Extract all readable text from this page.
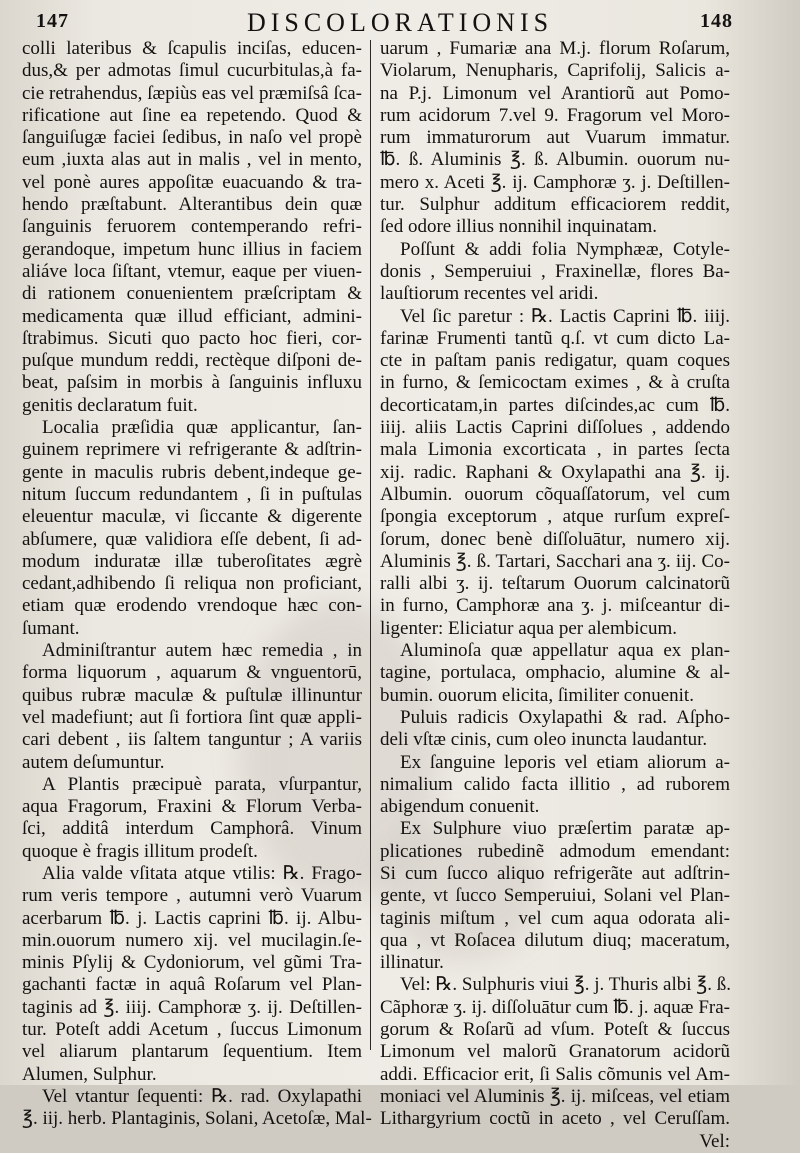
147	DISCOLORATIONIS	148
colli lateribus & ſcapulis inciſas, educen-
dus,& per admotas ſimul cucurbitulas,à fa-
cie retrahendus, ſæpiùs eas vel præmiſsâ ſca-
rificatione aut ſine ea repetendo. Quod &
ſanguiſugæ faciei ſedibus, in naſo vel propè
eum ,iuxta alas aut in malis , vel in mento,
vel ponè aures appoſitæ euacuando & tra-
hendo præſtabunt. Alterantibus dein quæ
ſanguinis feruorem contemperando refri-
gerandoque, impetum hunc illius in faciem
aliáve loca ſiſtant, vtemur, eaque per viuen-
di rationem conuenientem præſcriptam &
medicamenta quæ illud efficiant, admini-
ſtrabimus. Sicuti quo pacto hoc fieri, cor-
puſque mundum reddi, rectèque diſponi de-
beat, paſsim in morbis à ſanguinis influxu
genitis declaratum fuit.
Localia præſidia quæ applicantur, ſan-
guinem reprimere vi refrigerante & adſtrin-
gente in maculis rubris debent,indeque ge-
nitum ſuccum redundantem , ſi in puſtulas
eleuentur maculæ, vi ſiccante & digerente
abſumere, quæ validiora eſſe debent, ſi ad-
modum induratæ illæ tuberoſitates ægrè
cedant,adhibendo ſi reliqua non proficiant,
etiam quæ erodendo vrendoque hæc con-
ſumant.
Adminiſtrantur autem hæc remedia , in
forma liquorum , aquarum & vnguentorū,
quibus rubræ maculæ & puſtulæ illinuntur
vel madefiunt; aut ſi fortiora ſint quæ appli-
cari debent , iis ſaltem tanguntur ; A variis
autem deſumuntur.
A Plantis præcipuè parata, vſurpantur,
aqua Fragorum, Fraxini & Florum Verba-
ſci, additâ interdum Camphorâ. Vinum
quoque è fragis illitum prodeſt.
Alia valde vſitata atque vtilis: ℞. Frago-
rum veris tempore , autumni verò Vuarum
acerbarum ℔. j. Lactis caprini ℔. ij. Albu-
min.ouorum numero xij. vel mucilagin.ſe-
minis Pſylij & Cydoniorum, vel gũmi Tra-
gachanti factæ in aquâ Roſarum vel Plan-
taginis ad ℥. iiij. Camphoræ ʒ. ij. Deſtillen-
tur. Poteſt addi Acetum , ſuccus Limonum
vel aliarum plantarum ſequentium. Item
Alumen, Sulphur.
Vel vtantur ſequenti: ℞. rad. Oxylapathi
℥. iij. herb. Plantaginis, Solani, Acetoſæ, Mal-
uarum , Fumariæ ana M.j. florum Roſarum,
Violarum, Nenupharis, Caprifolij, Salicis a-
na P.j. Limonum vel Arantiorũ aut Pomo-
rum acidorum 7.vel 9. Fragorum vel Moro-
rum immaturorum aut Vuarum immatur.
℔. ß. Aluminis ℥. ß. Albumin. ouorum nu-
mero x. Aceti ℥. ij. Camphoræ ʒ. j. Deſtillen-
tur. Sulphur additum efficaciorem reddit,
ſed odore illius nonnihil inquinatam.
Poſſunt & addi folia Nymphææ, Cotyle-
donis , Semperuiui , Fraxinellæ, flores Ba-
lauſtiorum recentes vel aridi.
Vel ſic paretur : ℞. Lactis Caprini ℔. iiij.
farinæ Frumenti tantũ q.ſ. vt cum dicto La-
cte in paſtam panis redigatur, quam coques
in furno, & ſemicoctam eximes , & à cruſta
decorticatam,in partes diſcindes,ac cum ℔.
iiij. aliis Lactis Caprini diſſolues , addendo
mala Limonia excorticata , in partes ſecta
xij. radic. Raphani & Oxylapathi ana ℥. ij.
Albumin. ouorum cõquaſſatorum, vel cum
ſpongia exceptorum , atque rurſum expreſ-
ſorum, donec benè diſſoluātur, numero xij.
Aluminis ℥. ß. Tartari, Sacchari ana ʒ. iij. Co-
ralli albi ʒ. ij. teſtarum Ouorum calcinatorũ
in furno, Camphoræ ana ʒ. j. miſceantur di-
ligenter: Eliciatur aqua per alembicum.
Aluminoſa quæ appellatur aqua ex plan-
tagine, portulaca, omphacio, alumine & al-
bumin. ouorum elicita, ſimiliter conuenit.
Puluis radicis Oxylapathi & rad. Aſpho-
deli vſtæ cinis, cum oleo inuncta laudantur.
Ex ſanguine leporis vel etiam aliorum a-
nimalium calido facta illitio , ad ruborem
abigendum conuenit.
Ex Sulphure viuo præſertim paratæ ap-
plicationes rubedinẽ admodum emendant:
Si cum ſucco aliquo refrigerãte aut adſtrin-
gente, vt ſucco Semperuiui, Solani vel Plan-
taginis miſtum , vel cum aqua odorata ali-
qua , vt Roſacea dilutum diuq; maceratum,
illinatur.
Vel: ℞. Sulphuris viui ℥. j. Thuris albi ℥. ß.
Cãphoræ ʒ. ij. diſſoluātur cum ℔. j. aquæ Fra-
gorum & Roſarũ ad vſum. Poteſt & ſuccus
Limonum vel malorũ Granatorum acidorũ
addi. Efficacior erit, ſi Salis cõmunis vel Am-
moniaci vel Aluminis ℥. ij. miſceas, vel etiam
Lithargyrium coctũ in aceto , vel Ceruſſam.
Vel:
